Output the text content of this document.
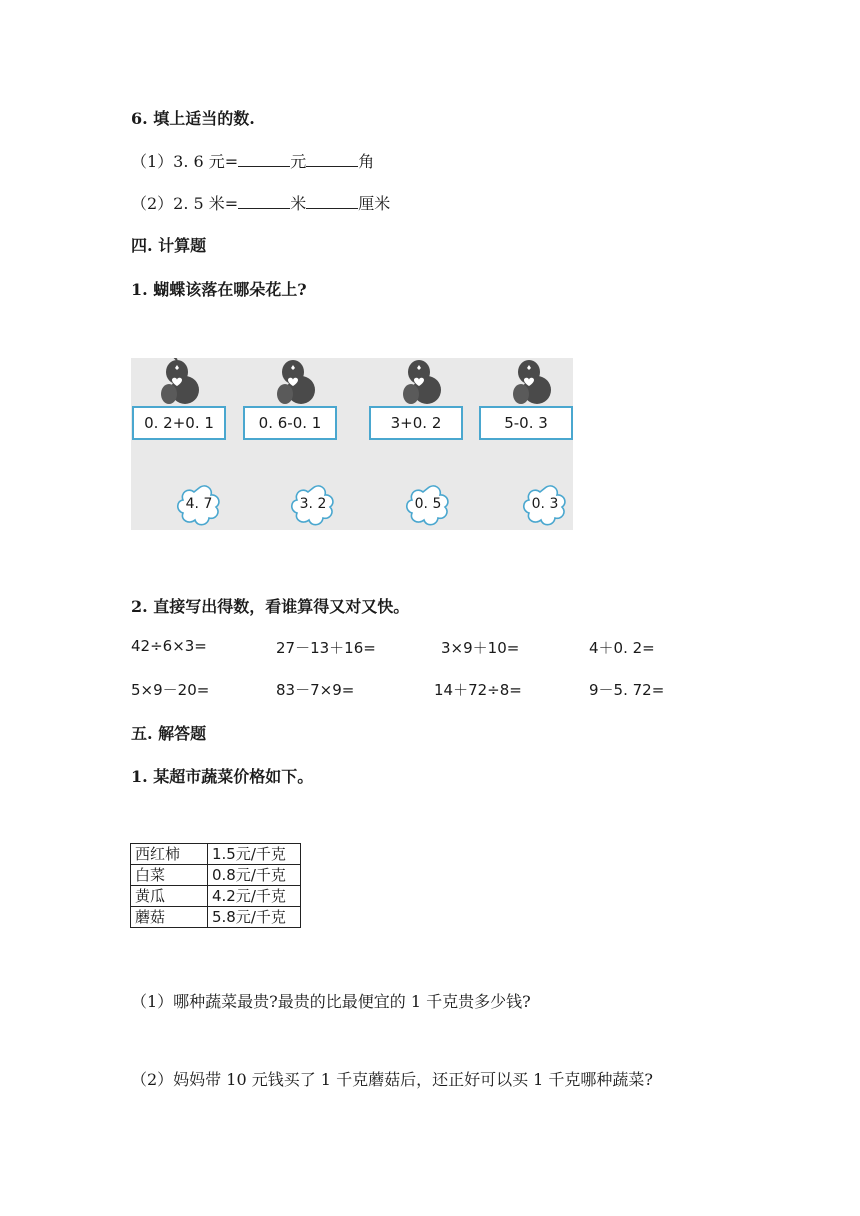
6. 填上适当的数.
（1）3. 6 元=	元	角
（2）2. 5 米=	米	厘米
四. 计算题
1. 蝴蝶该落在哪朵花上?
0. 2+0. 1	0. 6-0. 1	3+0. 2	5-0. 3
4. 7	3. 2	0. 5	0. 3
2. 直接写出得数，看谁算得又对又快。
42÷6×3=	27－13＋16=	3×9＋10=	4＋0. 2=
5×9－20=	83－7×9=	14＋72÷8=	9－5. 72=
五. 解答题
1. 某超市蔬菜价格如下。
西红柿	1.5元/千克
白菜	0.8元/千克
黄瓜	4.2元/千克
蘑菇	5.8元/千克
（1）哪种蔬菜最贵?最贵的比最便宜的 1 千克贵多少钱?
（2）妈妈带 10 元钱买了 1 千克蘑菇后，还正好可以买 1 千克哪种蔬菜?
